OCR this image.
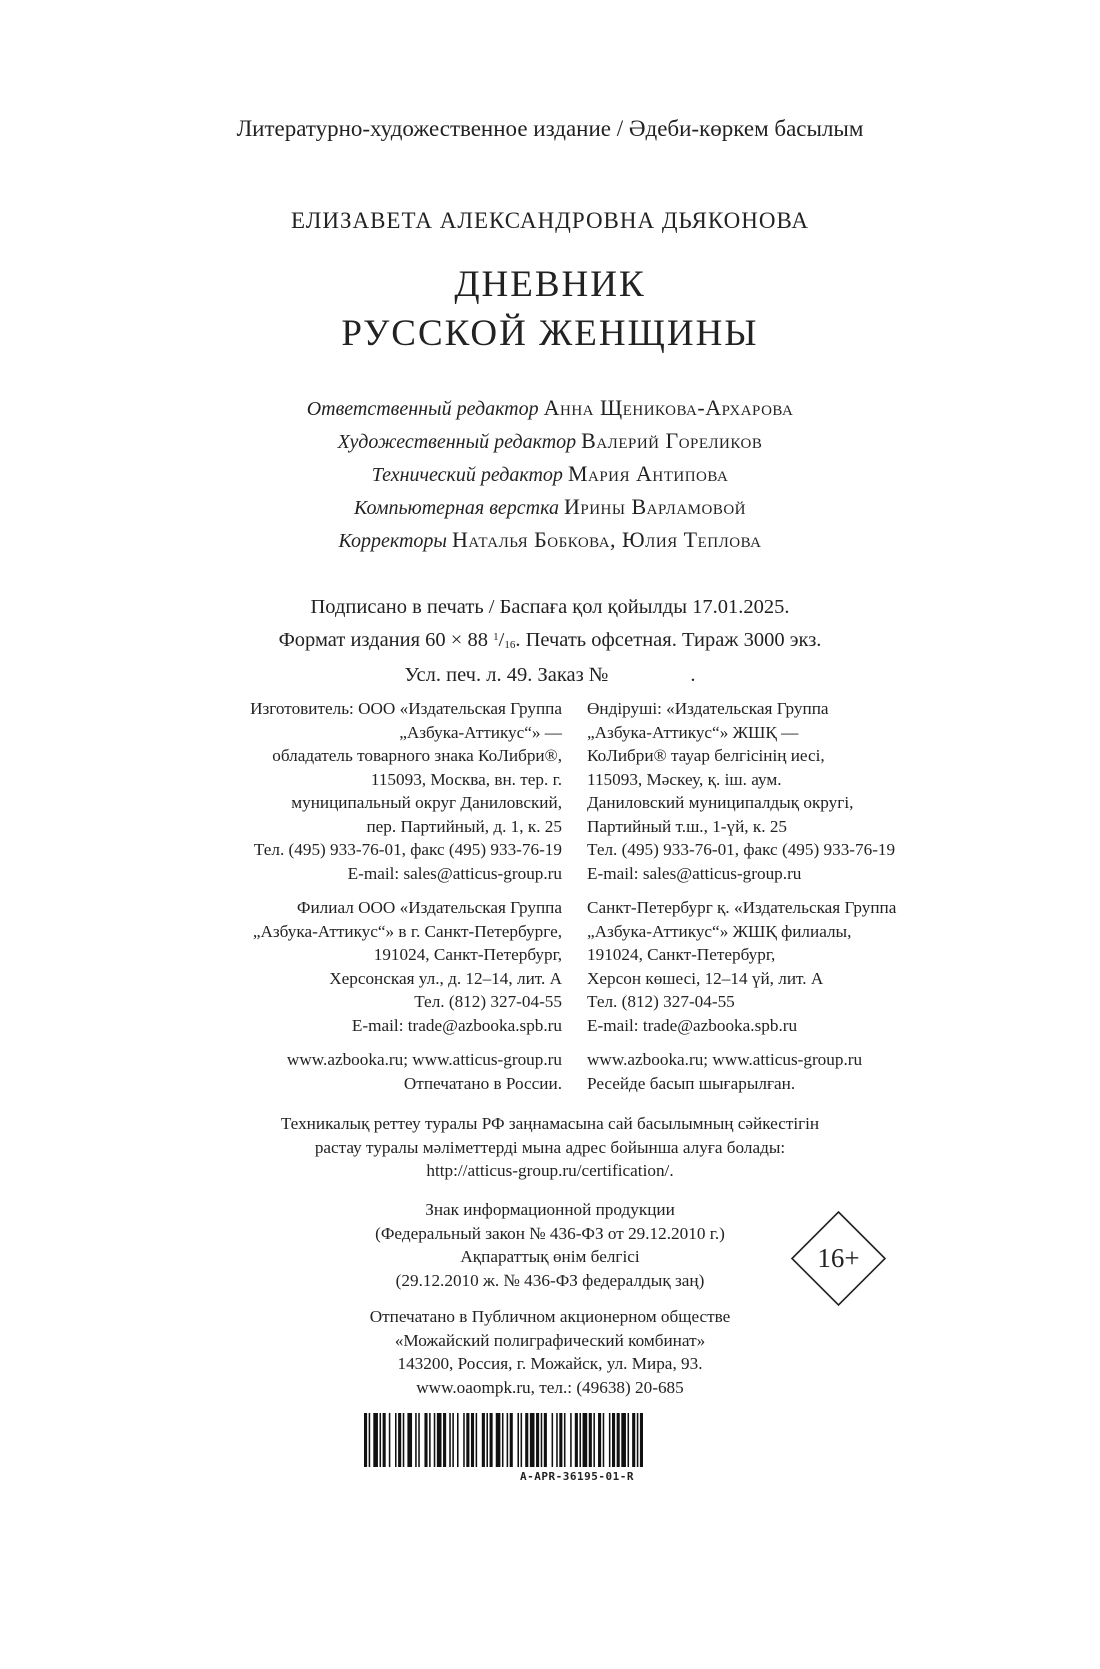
Литературно-художественное издание / Әдеби-көркем басылым
ЕЛИЗАВЕТА АЛЕКСАНДРОВНА ДЬЯКОНОВА
ДНЕВНИК
РУССКОЙ ЖЕНЩИНЫ
Ответственный редактор Анна Щеникова-Архарова
Художественный редактор Валерий Гореликов
Технический редактор Мария Антипова
Компьютерная верстка Ирины Варламовой
Корректоры Наталья Бобкова, Юлия Теплова
Подписано в печать / Баспаға қол қойылды 17.01.2025.
Формат издания 60 × 88 $^1/_{16}$. Печать офсетная. Тираж 3000 экз.
Усл. печ. л. 49. Заказ №	.
Изготовитель: ООО «Издательская Группа
„Азбука-Аттикус“» —
обладатель товарного знака КоЛибри®,
115093, Москва, вн. тер. г.
муниципальный округ Даниловский,
пер. Партийный, д. 1, к. 25
Тел. (495) 933-76-01, факс (495) 933-76-19
E-mail: sales@atticus-group.ru
Филиал ООО «Издательская Группа
„Азбука-Аттикус“» в г. Санкт-Петербурге,
191024, Санкт-Петербург,
Херсонская ул., д. 12–14, лит. А
Тел. (812) 327-04-55
E-mail: trade@azbooka.spb.ru
www.azbooka.ru; www.atticus-group.ru
Отпечатано в России.
Өндіруші: «Издательская Группа
„Азбука-Аттикус“» ЖШҚ —
КоЛибри® тауар белгісінің иесі,
115093, Мәскеу, қ. іш. аум.
Даниловский муниципалдық округі,
Партийный т.ш., 1-үй, к. 25
Тел. (495) 933-76-01, факс (495) 933-76-19
E-mail: sales@atticus-group.ru
Санкт-Петербург қ. «Издательская Группа
„Азбука-Аттикус“» ЖШҚ филиалы,
191024, Санкт-Петербург,
Херсон көшесі, 12–14 үй, лит. А
Тел. (812) 327-04-55
E-mail: trade@azbooka.spb.ru
www.azbooka.ru; www.atticus-group.ru
Ресейде басып шығарылған.
Техникалық реттеу туралы РФ заңнамасына сай басылымның сәйкестігін
растау туралы мәліметтерді мына адрес бойынша алуға болады:
http://atticus-group.ru/certification/.
Знак информационной продукции
(Федеральный закон № 436-ФЗ от 29.12.2010 г.)
Ақпараттық өнім белгісі
(29.12.2010 ж. № 436-ФЗ федералдық заң)
16+
Отпечатано в Публичном акционерном обществе
«Можайский полиграфический комбинат»
143200, Россия, г. Можайск, ул. Мира, 93.
www.oaompk.ru, тел.: (49638) 20-685
A-APR-36195-01-R
